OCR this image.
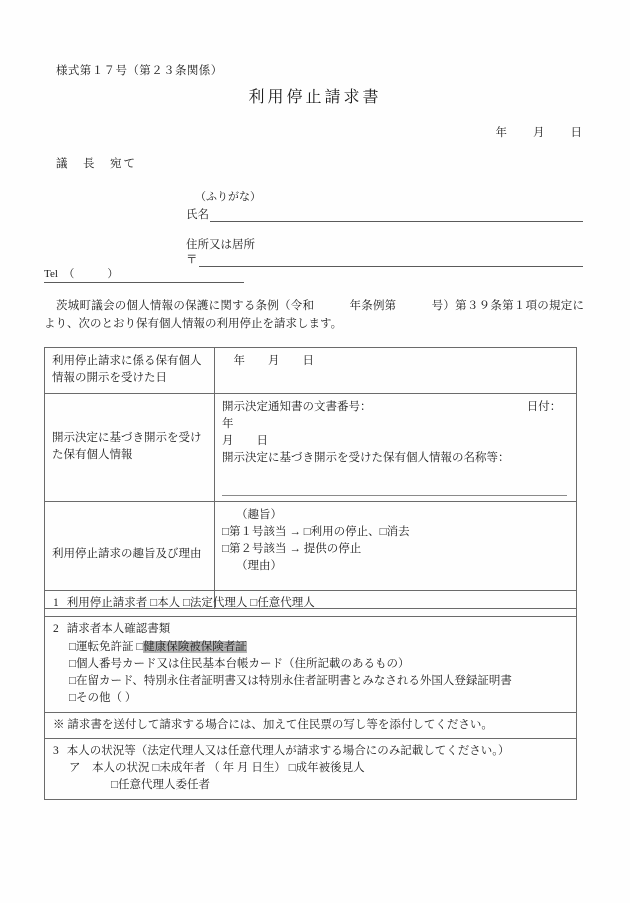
様式第１７号（第２３条関係）
利用停止請求書
年　　月　　日
議　長　宛て
（ふりがな）
氏名
住所又は居所
〒
Tel　（　　　）
茨城町議会の個人情報の保護に関する条例（令和　　　年条例第　　　号）第３９条第１項の規定により、次のとおり保有個人情報の利用停止を請求します。
利用停止請求に係る保有個人情報の開示を受けた日	　年　　月　　日
開示決定に基づき開示を受けた保有個人情報	開示決定通知書の文書番号：　　　　　　　　　　　　　　日付：　　年
月　　日
開示決定に基づき開示を受けた保有個人情報の名称等：

利用停止請求の趣旨及び理由	（趣旨）
□第１号該当 → □利用の停止、□消去
□第２号該当 → 提供の停止
（理由）
1 利用停止請求者 □本人 □法定代理人 □任意代理人

2 請求者本人確認書類
□運転免許証 □健康保険被保険者証
□個人番号カード又は住民基本台帳カード（住所記載のあるもの）
□在留カード、特別永住者証明書又は特別永住者証明書とみなされる外国人登録証明書
□その他（ ）

※ 請求書を送付して請求する場合には、加えて住民票の写し等を添付してください。

3 本人の状況等（法定代理人又は任意代理人が請求する場合にのみ記載してください。）
ア　本人の状況 □未成年者 （ 年 月 日生） □成年被後見人
□任意代理人委任者
